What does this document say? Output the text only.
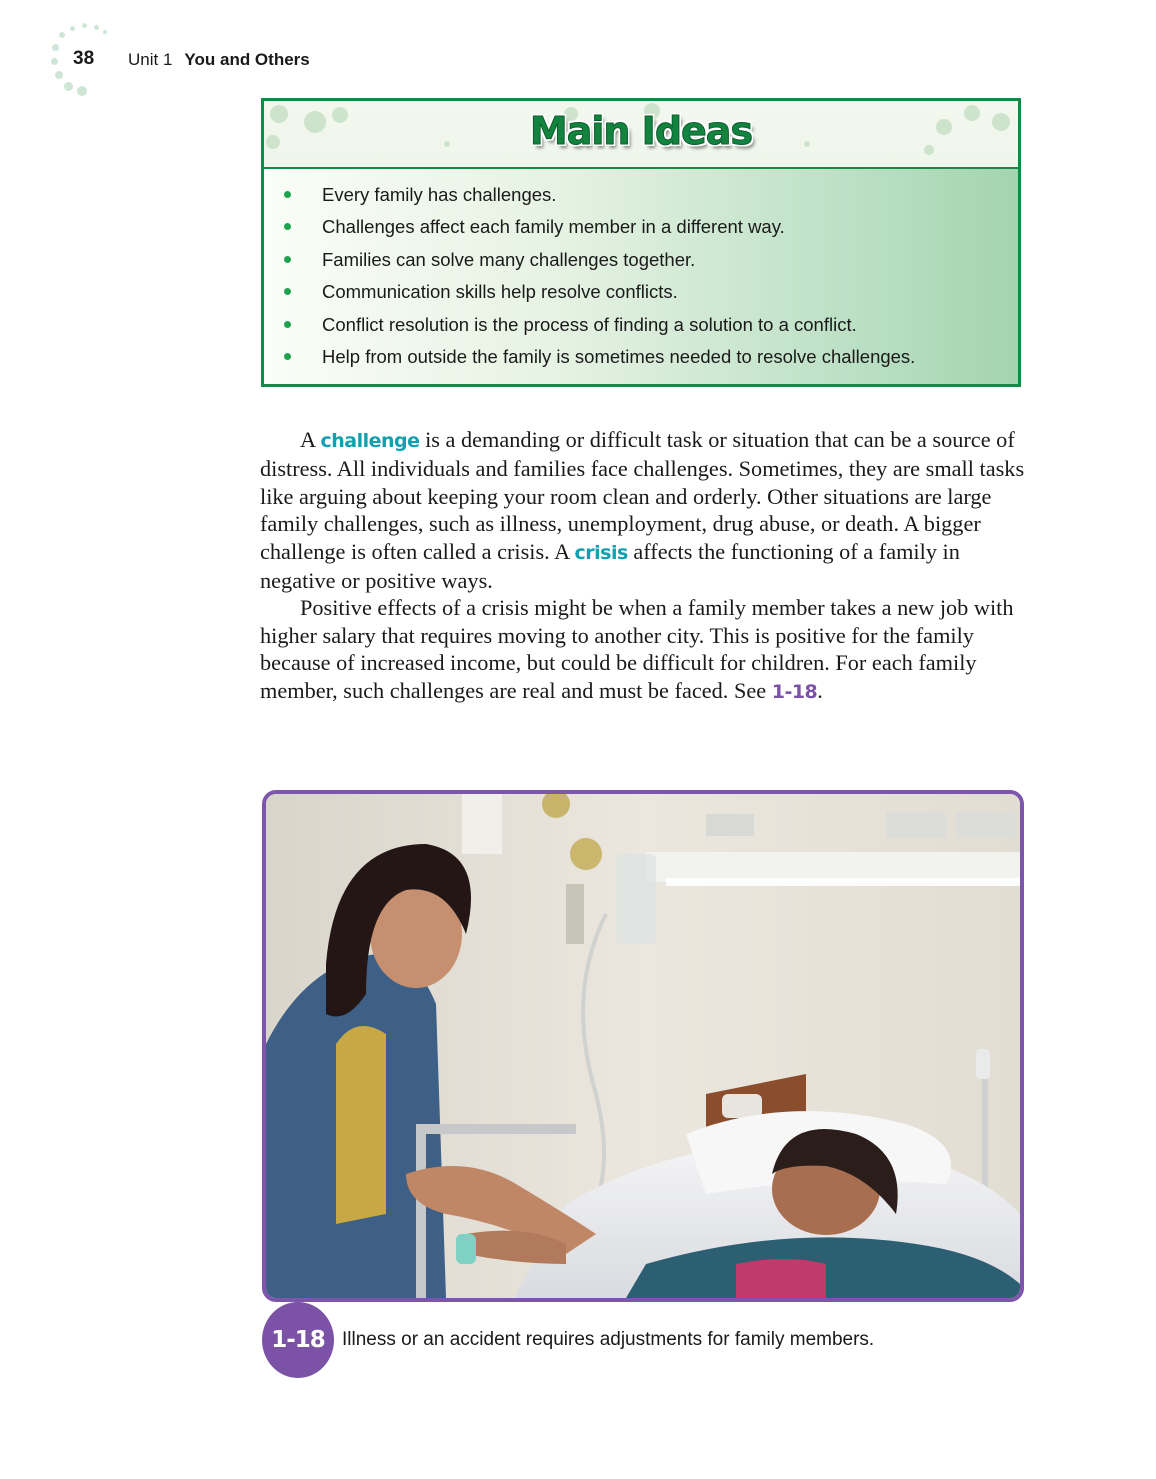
38 Unit 1 You and Others
Main Ideas
Every family has challenges.
Challenges affect each family member in a different way.
Families can solve many challenges together.
Communication skills help resolve conflicts.
Conflict resolution is the process of finding a solution to a conflict.
Help from outside the family is sometimes needed to resolve challenges.

A challenge is a demanding or difficult task or situation that can be a source of distress. All individuals and families face challenges. Sometimes, they are small tasks like arguing about keeping your room clean and orderly. Other situations are large family challenges, such as illness, unemployment, drug abuse, or death. A bigger challenge is often called a crisis. A crisis affects the functioning of a family in negative or positive ways.

Positive effects of a crisis might be when a family member takes a new job with higher salary that requires moving to another city. This is positive for the family because of increased income, but could be difficult for children. For each family member, such challenges are real and must be faced. See 1-18.

1-18 Illness or an accident requires adjustments for family members.
